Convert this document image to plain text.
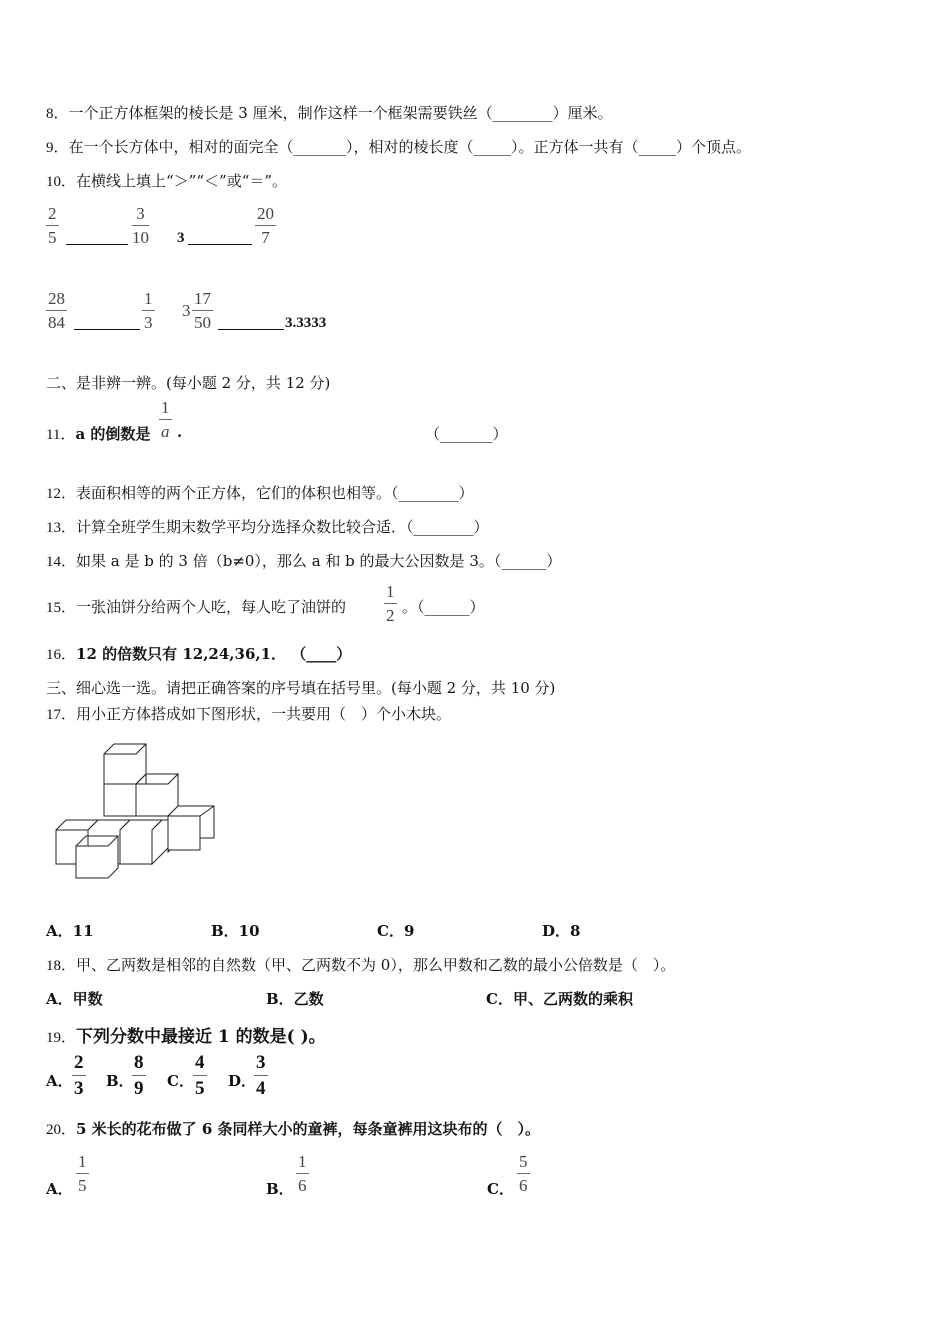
8．一个正方体框架的棱长是 3 厘米，制作这样一个框架需要铁丝（________）厘米。
9．在一个长方体中，相对的面完全（_______），相对的棱长度（_____）。正方体一共有（_____）个顶点。
10．在横线上填上“＞”“＜”或“＝”。
2
5
3
10 3
20
7
28
84
1
3
3
17
50	3.3333
二、是非辨一辨。(每小题 2 分，共 12 分)
11．a 的倒数是
1
a .	（_______）
12．表面积相等的两个正方体，它们的体积也相等。（________）
13．计算全班学生期末数学平均分选择众数比较合适．（________）
14．如果 a 是 b 的 3 倍（b≠0），那么 a 和 b 的最大公因数是 3。（______）
15．一张油饼分给两个人吃，每人吃了油饼的
1
2 。（______）
16．12 的倍数只有 12,24,36,1． （____）
三、细心选一选。请把正确答案的序号填在括号里。(每小题 2 分，共 10 分)
17．用小正方体搭成如下图形状，一共要用（　）个小木块。
A．11	B．10	C．9	D．8
18．甲、乙两数是相邻的自然数（甲、乙两数不为 0），那么甲数和乙数的最小公倍数是（　）。
A．甲数	B．乙数	C．甲、乙两数的乘积
19．下列分数中最接近 1 的数是( )。
A．
2
3 B．
8
9 C．
4
5 D．
3
4
20．5 米长的花布做了 6 条同样大小的童裤，每条童裤用这块布的（　）。
A．
1
5	B．
1
6	C．
5
6
